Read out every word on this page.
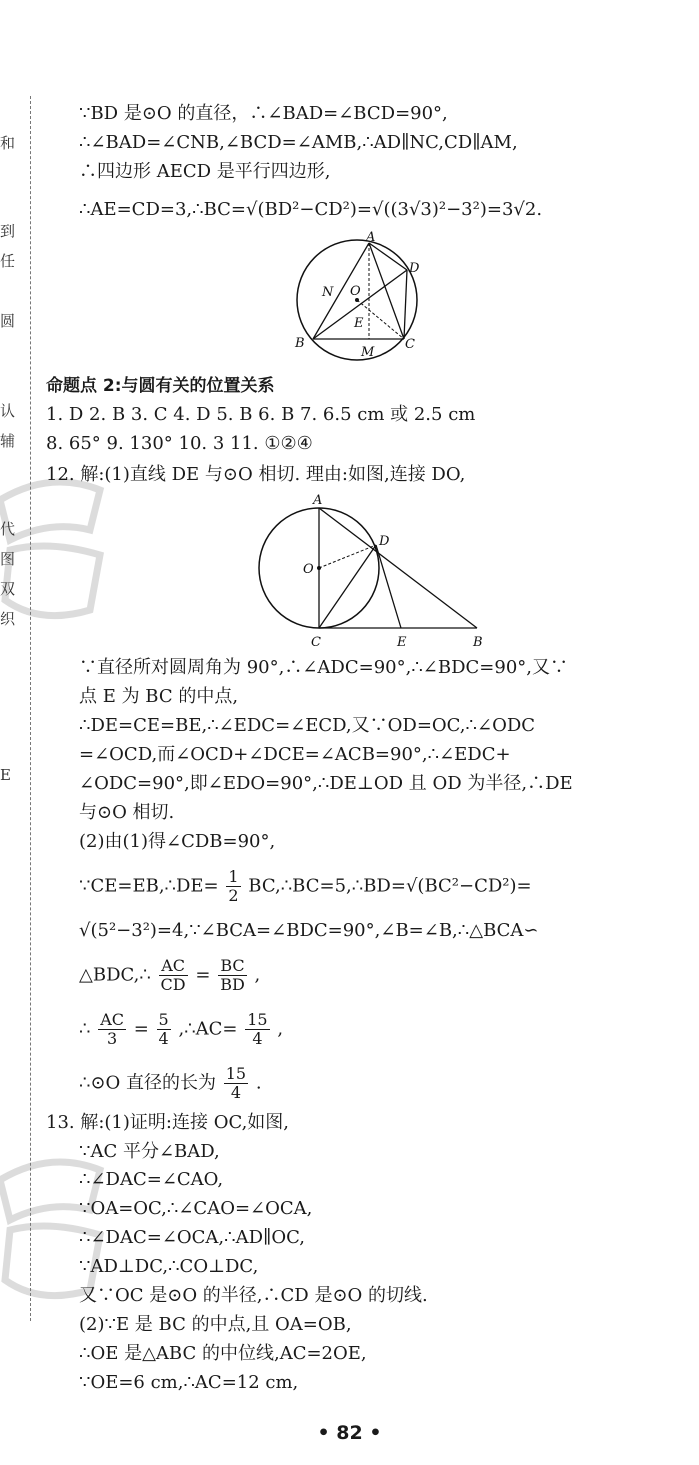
和
到
任
圆
认
辅
代
图
双
织
E
∵BD 是⊙O 的直径，∴∠BAD=∠BCD=90°,
∴∠BAD=∠CNB,∠BCD=∠AMB,∴AD∥NC,CD∥AM,
∴四边形 AECD 是平行四边形,
∴AE=CD=3,∴BC=√(BD²−CD²)=√((3√3)²−3²)=3√2.
A
D
N O
E
B
M
C
命题点 2:与圆有关的位置关系
1. D 2. B 3. C 4. D 5. B 6. B 7. 6.5 cm 或 2.5 cm
8. 65° 9. 130° 10. 3 11. ①②④
12. 解:(1)直线 DE 与⊙O 相切. 理由:如图,连接 DO,
A
D
O
C	E	B
∵直径所对圆周角为 90°,∴∠ADC=90°,∴∠BDC=90°,又∵
点 E 为 BC 的中点,
∴DE=CE=BE,∴∠EDC=∠ECD,又∵OD=OC,∴∠ODC
=∠OCD,而∠OCD+∠DCE=∠ACB=90°,∴∠EDC+
∠ODC=90°,即∠EDO=90°,∴DE⊥OD 且 OD 为半径,∴DE
与⊙O 相切.
(2)由(1)得∠CDB=90°,
∵CE=EB,∴DE= $\frac{1}{2}$ BC,∴BC=5,∴BD=√(BC²−CD²)=
√(5²−3²)=4,∵∠BCA=∠BDC=90°,∠B=∠B,∴△BCA∽
△BDC,∴ $\frac{AC}{CD} = \frac{BC}{BD}$ ,
∴ $\frac{AC}{3} = \frac{5}{4}$ ,∴AC= $\frac{15}{4}$ ,
∴⊙O 直径的长为 $\frac{15}{4}$ .
13. 解:(1)证明:连接 OC,如图,
∵AC 平分∠BAD,
∴∠DAC=∠CAO,
∵OA=OC,∴∠CAO=∠OCA,
∴∠DAC=∠OCA,∴AD∥OC,
∵AD⊥DC,∴CO⊥DC,
又∵OC 是⊙O 的半径,∴CD 是⊙O 的切线.
(2)∵E 是 BC 的中点,且 OA=OB,
∴OE 是△ABC 的中位线,AC=2OE,
∵OE=6 cm,∴AC=12 cm,
• 82 •
